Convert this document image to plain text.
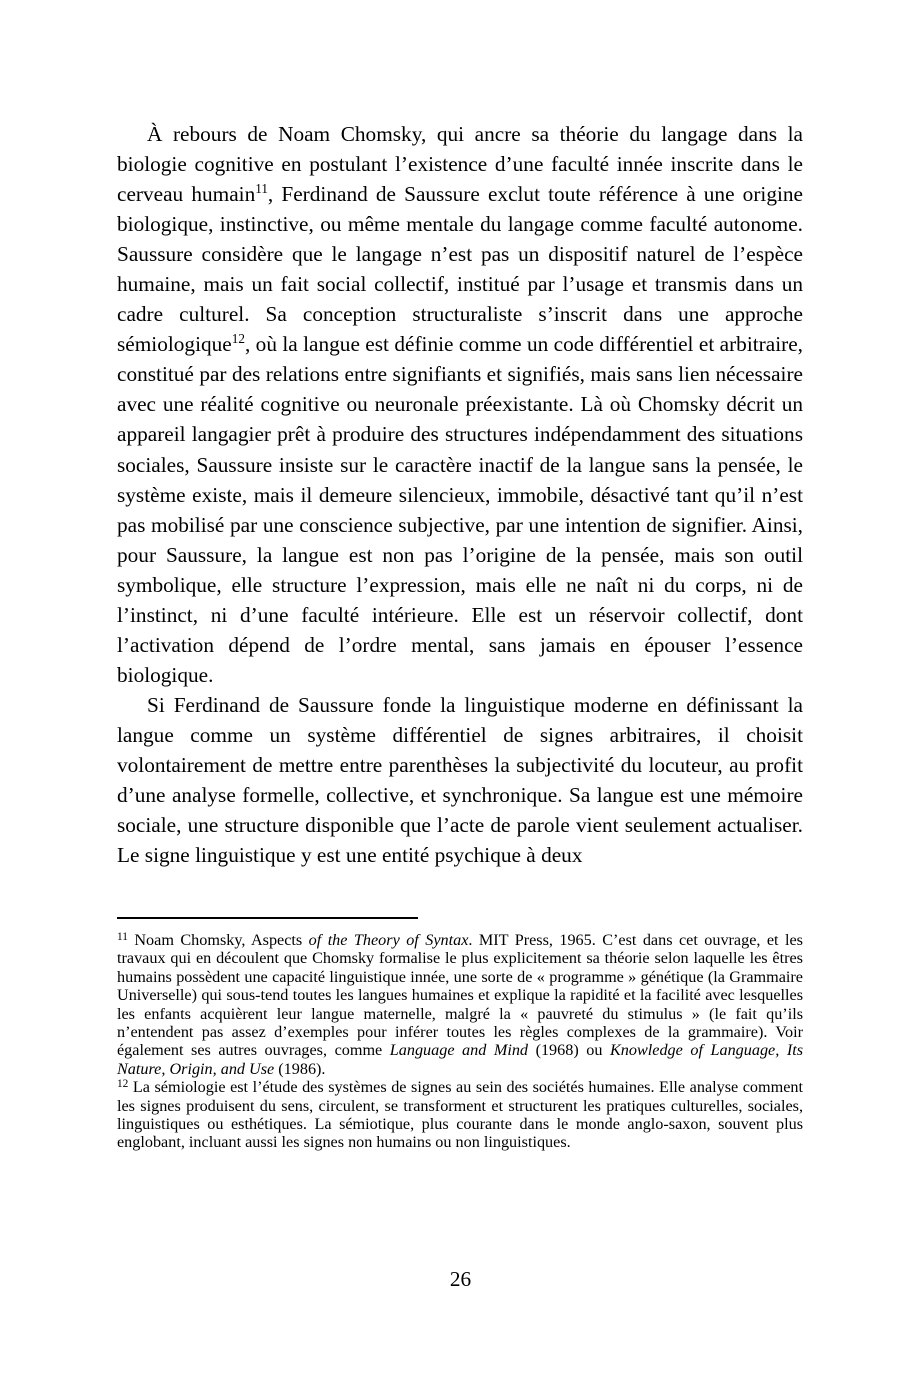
À rebours de Noam Chomsky, qui ancre sa théorie du langage dans la biologie cognitive en postulant l’existence d’une faculté innée inscrite dans le cerveau humain$^{11}$, Ferdinand de Saussure exclut toute référence à une origine biologique, instinctive, ou même mentale du langage comme faculté autonome. Saussure considère que le langage n’est pas un dispositif naturel de l’espèce humaine, mais un fait social collectif, institué par l’usage et transmis dans un cadre culturel. Sa conception structuraliste s’inscrit dans une approche sémiologique$^{12}$, où la langue est définie comme un code différentiel et arbitraire, constitué par des relations entre signifiants et signifiés, mais sans lien nécessaire avec une réalité cognitive ou neuronale préexistante. Là où Chomsky décrit un appareil langagier prêt à produire des structures indépendamment des situations sociales, Saussure insiste sur le caractère inactif de la langue sans la pensée, le système existe, mais il demeure silencieux, immobile, désactivé tant qu’il n’est pas mobilisé par une conscience subjective, par une intention de signifier. Ainsi, pour Saussure, la langue est non pas l’origine de la pensée, mais son outil symbolique, elle structure l’expression, mais elle ne naît ni du corps, ni de l’instinct, ni d’une faculté intérieure. Elle est un réservoir collectif, dont l’activation dépend de l’ordre mental, sans jamais en épouser l’essence biologique.

Si Ferdinand de Saussure fonde la linguistique moderne en définissant la langue comme un système différentiel de signes arbitraires, il choisit volontairement de mettre entre parenthèses la subjectivité du locuteur, au profit d’une analyse formelle, collective, et synchronique. Sa langue est une mémoire sociale, une structure disponible que l’acte de parole vient seulement actualiser. Le signe linguistique y est une entité psychique à deux

$^{11}$ Noam Chomsky, Aspects of the Theory of Syntax. MIT Press, 1965. C’est dans cet ouvrage, et les travaux qui en découlent que Chomsky formalise le plus explicitement sa théorie selon laquelle les êtres humains possèdent une capacité linguistique innée, une sorte de « programme » génétique (la Grammaire Universelle) qui sous-tend toutes les langues humaines et explique la rapidité et la facilité avec lesquelles les enfants acquièrent leur langue maternelle, malgré la « pauvreté du stimulus » (le fait qu’ils n’entendent pas assez d’exemples pour inférer toutes les règles complexes de la grammaire). Voir également ses autres ouvrages, comme Language and Mind (1968) ou Knowledge of Language, Its Nature, Origin, and Use (1986).

$^{12}$ La sémiologie est l’étude des systèmes de signes au sein des sociétés humaines. Elle analyse comment les signes produisent du sens, circulent, se transforment et structurent les pratiques culturelles, sociales, linguistiques ou esthétiques. La sémiotique, plus courante dans le monde anglo-saxon, souvent plus englobant, incluant aussi les signes non humains ou non linguistiques.

26
